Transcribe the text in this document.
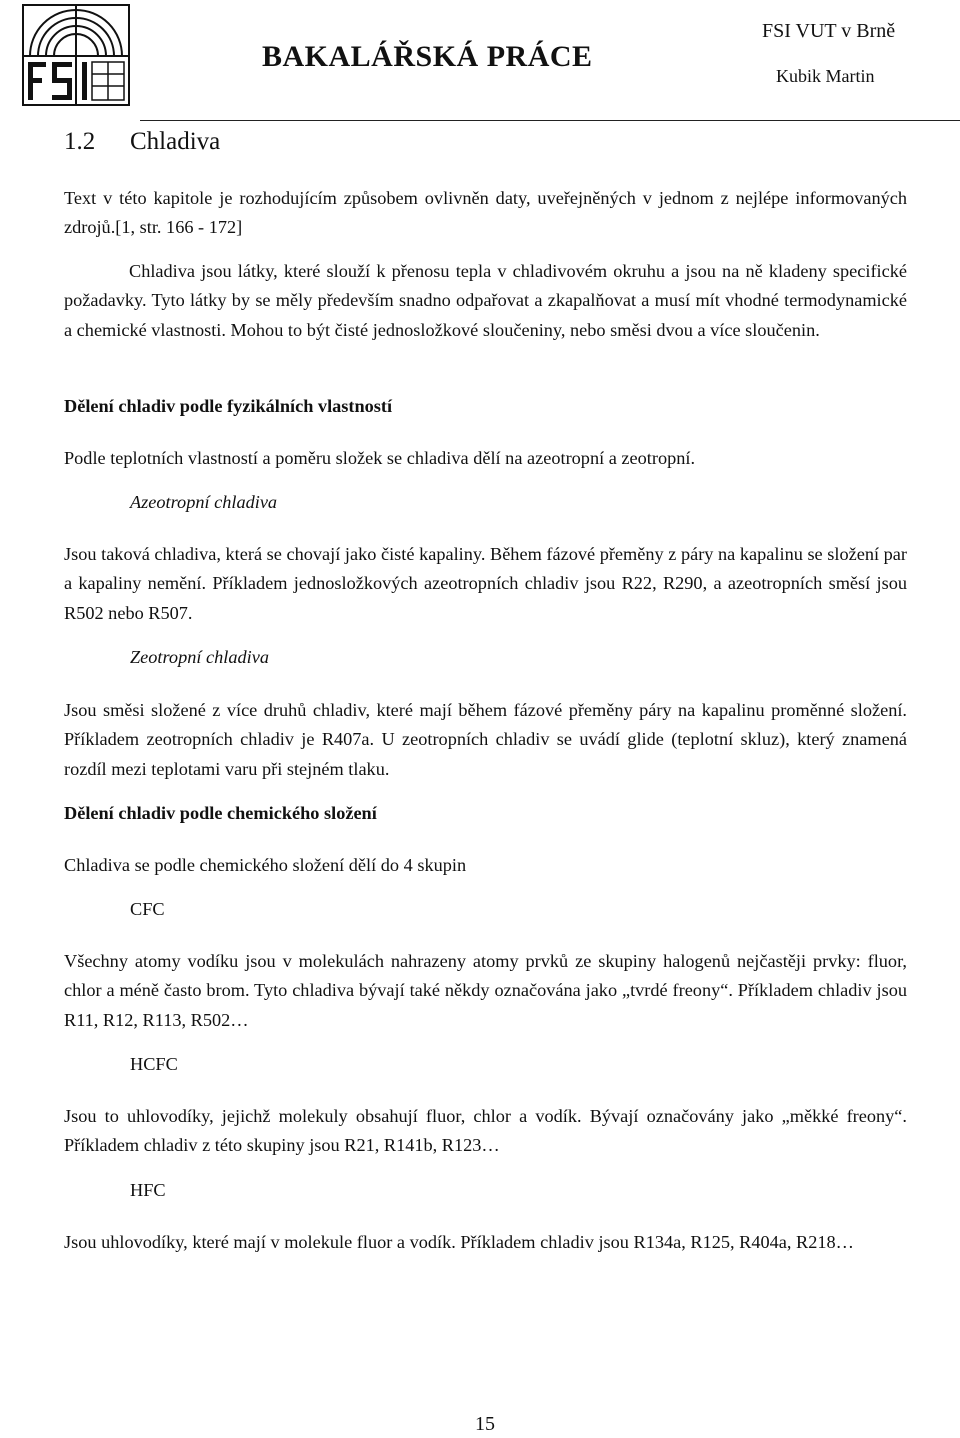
BAKALÁŘSKÁ PRÁCE
FSI VUT v Brně
Kubik Martin
1.2 Chladiva
Text v této kapitole je rozhodujícím způsobem ovlivněn daty, uveřejněných v jednom z nejlépe informovaných zdrojů.[1, str. 166 - 172]
Chladiva jsou látky, které slouží k přenosu tepla v chladivovém okruhu a jsou na ně kladeny specifické požadavky. Tyto látky by se měly především snadno odpařovat a zkapalňovat a musí mít vhodné termodynamické a chemické vlastnosti. Mohou to být čisté jednosložkové sloučeniny, nebo směsi dvou a více sloučenin.
Dělení chladiv podle fyzikálních vlastností
Podle teplotních vlastností a poměru složek se chladiva dělí na azeotropní a zeotropní.
Azeotropní chladiva
Jsou taková chladiva, která se chovají jako čisté kapaliny. Během fázové přeměny z páry na kapalinu se složení par a kapaliny nemění. Příkladem jednosložkových azeotropních chladiv jsou R22, R290, a azeotropních směsí jsou R502 nebo R507.
Zeotropní chladiva
Jsou směsi složené z více druhů chladiv, které mají během fázové přeměny páry na kapalinu proměnné složení. Příkladem zeotropních chladiv je R407a. U zeotropních chladiv se uvádí glide (teplotní skluz), který znamená rozdíl mezi teplotami varu při stejném tlaku.
Dělení chladiv podle chemického složení
Chladiva se podle chemického složení dělí do 4 skupin
CFC
Všechny atomy vodíku jsou v molekulách nahrazeny atomy prvků ze skupiny halogenů nejčastěji prvky: fluor, chlor a méně často brom. Tyto chladiva bývají také někdy označována jako „tvrdé freony“. Příkladem chladiv jsou R11, R12, R113, R502…
HCFC
Jsou to uhlovodíky, jejichž molekuly obsahují fluor, chlor a vodík. Bývají označovány jako „měkké freony“. Příkladem chladiv z této skupiny jsou R21, R141b, R123…
HFC
Jsou uhlovodíky, které mají v molekule fluor a vodík. Příkladem chladiv jsou R134a, R125, R404a, R218…
15
